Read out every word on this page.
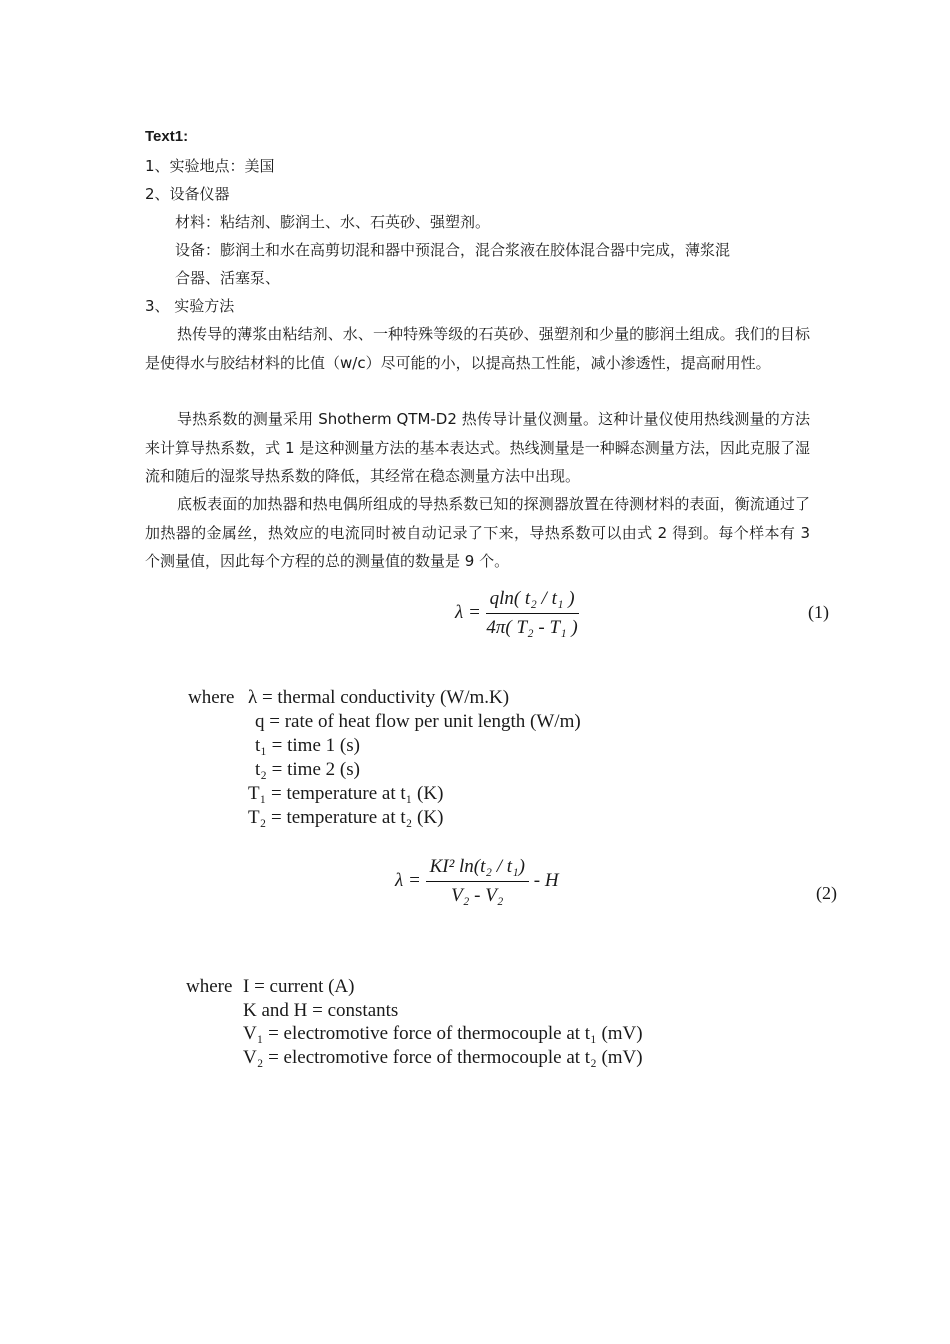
Text1:
1、实验地点：美国
2、设备仪器
材料：粘结剂、膨润土、水、石英砂、强塑剂。
设备：膨润土和水在高剪切混和器中预混合，混合浆液在胶体混合器中完成，薄浆混
合器、活塞泵、
3、 实验方法
热传导的薄浆由粘结剂、水、一种特殊等级的石英砂、强塑剂和少量的膨润土组成。我们的目标是使得水与胶结材料的比值（w/c）尽可能的小，以提高热工性能，减小渗透性，提高耐用性。
导热系数的测量采用 Shotherm QTM-D2 热传导计量仪测量。这种计量仪使用热线测量的方法来计算导热系数，式 1 是这种测量方法的基本表达式。热线测量是一种瞬态测量方法，因此克服了湿流和随后的湿浆导热系数的降低，其经常在稳态测量方法中出现。
底板表面的加热器和热电偶所组成的导热系数已知的探测器放置在待测材料的表面，衡流通过了加热器的金属丝，热效应的电流同时被自动记录了下来，导热系数可以由式 2 得到。每个样本有 3 个测量值，因此每个方程的总的测量值的数量是 9 个。
$\lambda = \frac{\text{qln( t₂ / t₁ )}}{\text{4π( T₂ - T₁ )}}$	(1)
where λ = thermal conductivity (W/m.K)
q = rate of heat flow per unit length (W/m)
t₁ = time 1 (s)
t₂ = time 2 (s)
T₁ = temperature at t₁ (K)
T₂ = temperature at t₂ (K)
$\lambda = \frac{\text{KI² ln(t₂ / t₁)}}{\text{V₂ - V₂}} - H$
(2)
where I = current (A)
K and H = constants
V₁ = electromotive force of thermocouple at t₁ (mV)
V₂ = electromotive force of thermocouple at t₂ (mV)
